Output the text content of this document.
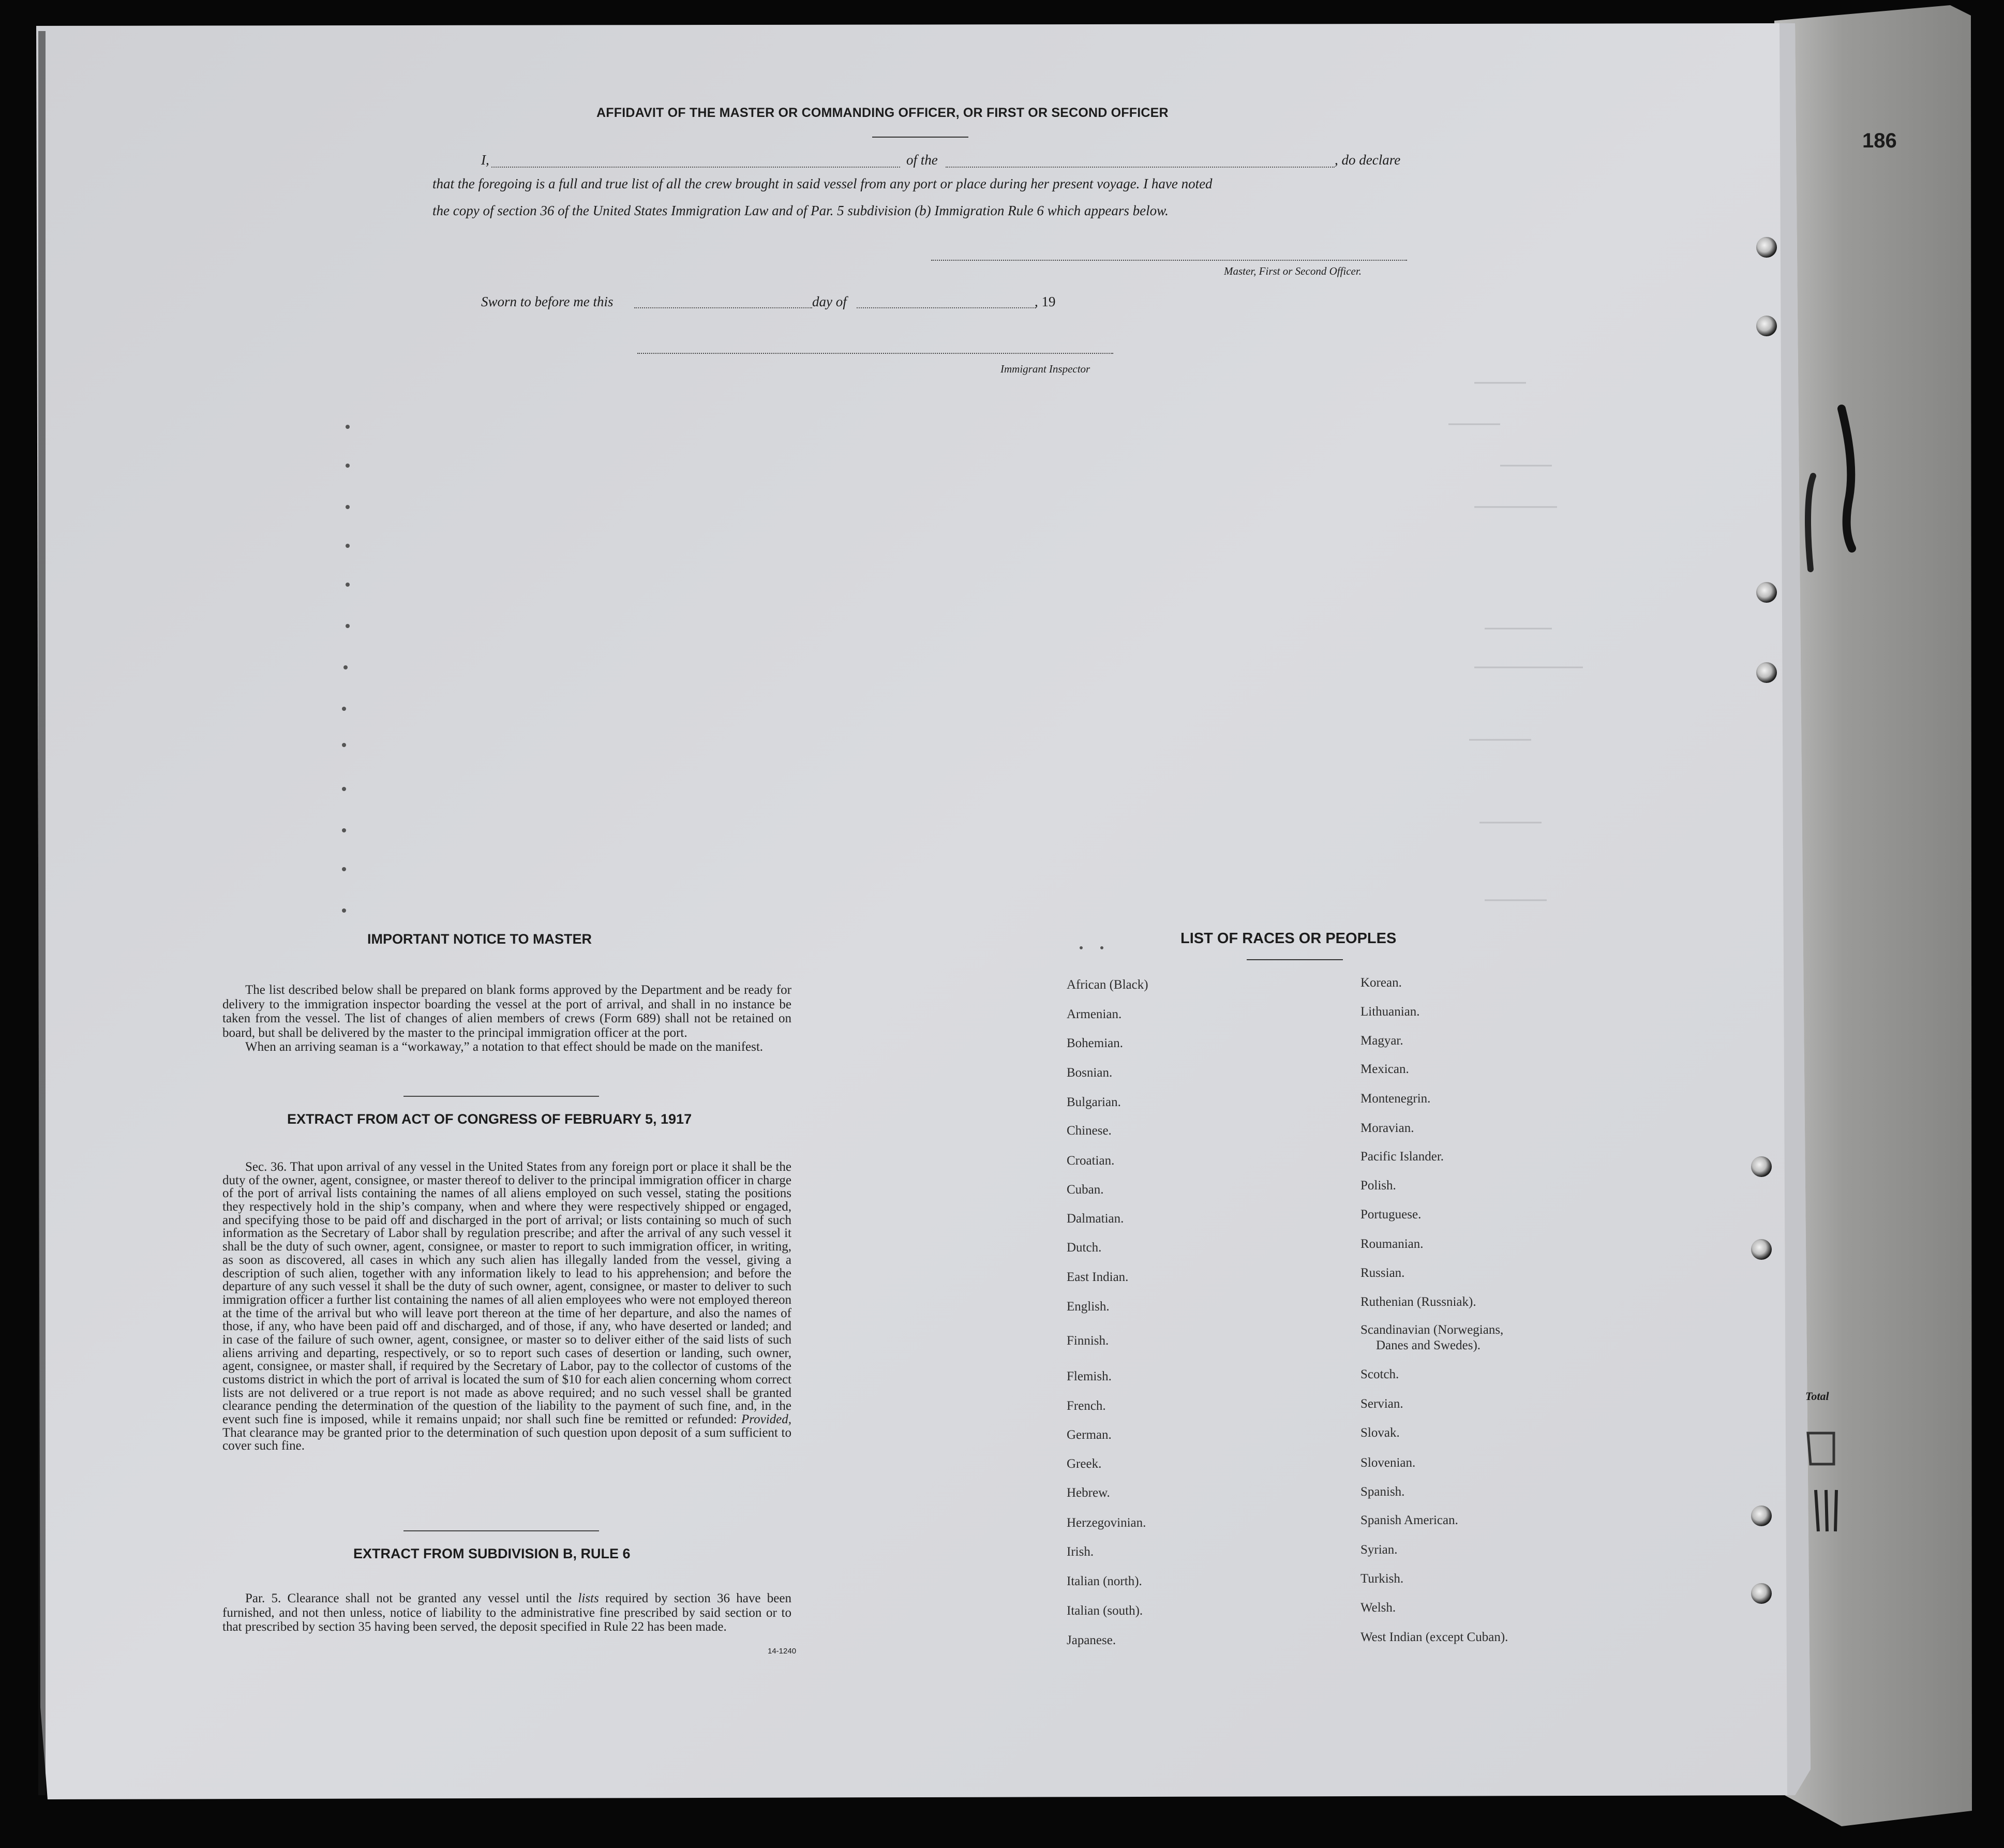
186
AFFIDAVIT OF THE MASTER OR COMMANDING OFFICER, OR FIRST OR SECOND OFFICER
I,	of the	, do declare
that the foregoing is a full and true list of all the crew brought in said vessel from any port or place during her present voyage. I have noted
the copy of section 36 of the United States Immigration Law and of Par. 5 subdivision (b) Immigration Rule 6 which appears below.
Master, First or Second Officer.
Sworn to before me this	day of	, 19
Immigrant Inspector
IMPORTANT NOTICE TO MASTER

The list described below shall be prepared on blank forms approved by the Department and be ready for delivery to the immigration inspector boarding the vessel at the port of arrival, and shall in no instance be taken from the vessel. The list of changes of alien members of crews (Form 689) shall not be retained on board, but shall be delivered by the master to the principal immigration officer at the port.

When an arriving seaman is a “workaway,” a notation to that effect should be made on the manifest.

EXTRACT FROM ACT OF CONGRESS OF FEBRUARY 5, 1917

Sec. 36. That upon arrival of any vessel in the United States from any foreign port or place it shall be the duty of the owner, agent, consignee, or master thereof to deliver to the principal immigration officer in charge of the port of arrival lists containing the names of all aliens employed on such vessel, stating the positions they respectively hold in the ship’s company, when and where they were respectively shipped or engaged, and specifying those to be paid off and discharged in the port of arrival; or lists containing so much of such information as the Secretary of Labor shall by regulation prescribe; and after the arrival of any such vessel it shall be the duty of such owner, agent, consignee, or master to report to such immigration officer, in writing, as soon as discovered, all cases in which any such alien has illegally landed from the vessel, giving a description of such alien, together with any information likely to lead to his apprehension; and before the departure of any such vessel it shall be the duty of such owner, agent, consignee, or master to deliver to such immigration officer a further list containing the names of all alien employees who were not employed thereon at the time of the arrival but who will leave port thereon at the time of her departure, and also the names of those, if any, who have been paid off and discharged, and of those, if any, who have deserted or landed; and in case of the failure of such owner, agent, consignee, or master so to deliver either of the said lists of such aliens arriving and departing, respectively, or so to report such cases of desertion or landing, such owner, agent, consignee, or master shall, if required by the Secretary of Labor, pay to the collector of customs of the customs district in which the port of arrival is located the sum of $10 for each alien concerning whom correct lists are not delivered or a true report is not made as above required; and no such vessel shall be granted clearance pending the determination of the question of the liability to the payment of such fine, and, in the event such fine is imposed, while it remains unpaid; nor shall such fine be remitted or refunded: Provided, That clearance may be granted prior to the determination of such question upon deposit of a sum sufficient to cover such fine.

EXTRACT FROM SUBDIVISION B, RULE 6

Par. 5. Clearance shall not be granted any vessel until the lists required by section 36 have been furnished, and not then unless, notice of liability to the administrative fine prescribed by said section or to that prescribed by section 35 having been served, the deposit specified in Rule 22 has been made.

14-1240
LIST OF RACES OR PEOPLES
African (Black)
Armenian.
Bohemian.
Bosnian.
Bulgarian.
Chinese.
Croatian.
Cuban.
Dalmatian.
Dutch.
East Indian.
English.
Finnish.
Flemish.
French.
German.
Greek.
Hebrew.
Herzegovinian.
Irish.
Italian (north).
Italian (south).
Japanese.
Korean.
Lithuanian.
Magyar.
Mexican.
Montenegrin.
Moravian.
Pacific Islander.
Polish.
Portuguese.
Roumanian.
Russian.
Ruthenian (Russniak).
Scandinavian (Norwegians,
Danes and Swedes).
Scotch.
Servian.
Slovak.
Slovenian.
Spanish.
Spanish American.
Syrian.
Turkish.
Welsh.
West Indian (except Cuban).
Total
